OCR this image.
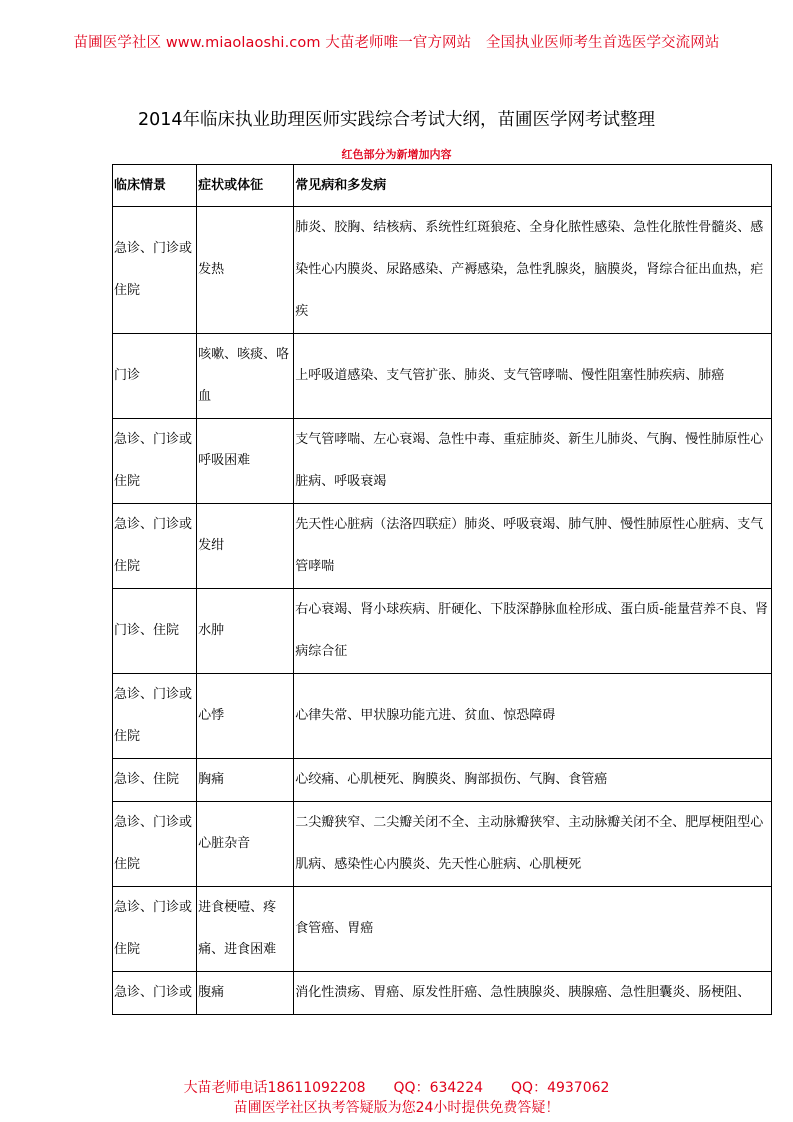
苗圃医学社区 www.miaolaoshi.com 大苗老师唯一官方网站　全国执业医师考生首选医学交流网站
2014年临床执业助理医师实践综合考试大纲，苗圃医学网考试整理
红色部分为新增加内容
临床情景	症状或体征	常见病和多发病
急诊、门诊或住院	发热	肺炎、胶胸、结核病、系统性红斑狼疮、全身化脓性感染、急性化脓性骨髓炎、感染性心内膜炎、尿路感染、产褥感染，急性乳腺炎，脑膜炎，肾综合征出血热，疟疾
门诊	咳嗽、咳痰、咯血	上呼吸道感染、支气管扩张、肺炎、支气管哮喘、慢性阻塞性肺疾病、肺癌
急诊、门诊或住院	呼吸困难	支气管哮喘、左心衰竭、急性中毒、重症肺炎、新生儿肺炎、气胸、慢性肺原性心脏病、呼吸衰竭
急诊、门诊或住院	发绀	先天性心脏病（法洛四联症）肺炎、呼吸衰竭、肺气肿、慢性肺原性心脏病、支气管哮喘
门诊、住院	水肿	右心衰竭、肾小球疾病、肝硬化、下肢深静脉血栓形成、蛋白质-能量营养不良、肾病综合征
急诊、门诊或住院	心悸	心律失常、甲状腺功能亢进、贫血、惊恐障碍
急诊、住院	胸痛	心绞痛、心肌梗死、胸膜炎、胸部损伤、气胸、食管癌
急诊、门诊或住院	心脏杂音	二尖瓣狭窄、二尖瓣关闭不全、主动脉瓣狭窄、主动脉瓣关闭不全、肥厚梗阻型心肌病、感染性心内膜炎、先天性心脏病、心肌梗死
急诊、门诊或住院	进食梗噎、疼痛、进食困难	食管癌、胃癌
急诊、门诊或	腹痛	消化性溃疡、胃癌、原发性肝癌、急性胰腺炎、胰腺癌、急性胆囊炎、肠梗阻、
大苗老师电话18611092208　　QQ：634224　　QQ：4937062
苗圃医学社区执考答疑版为您24小时提供免费答疑！
